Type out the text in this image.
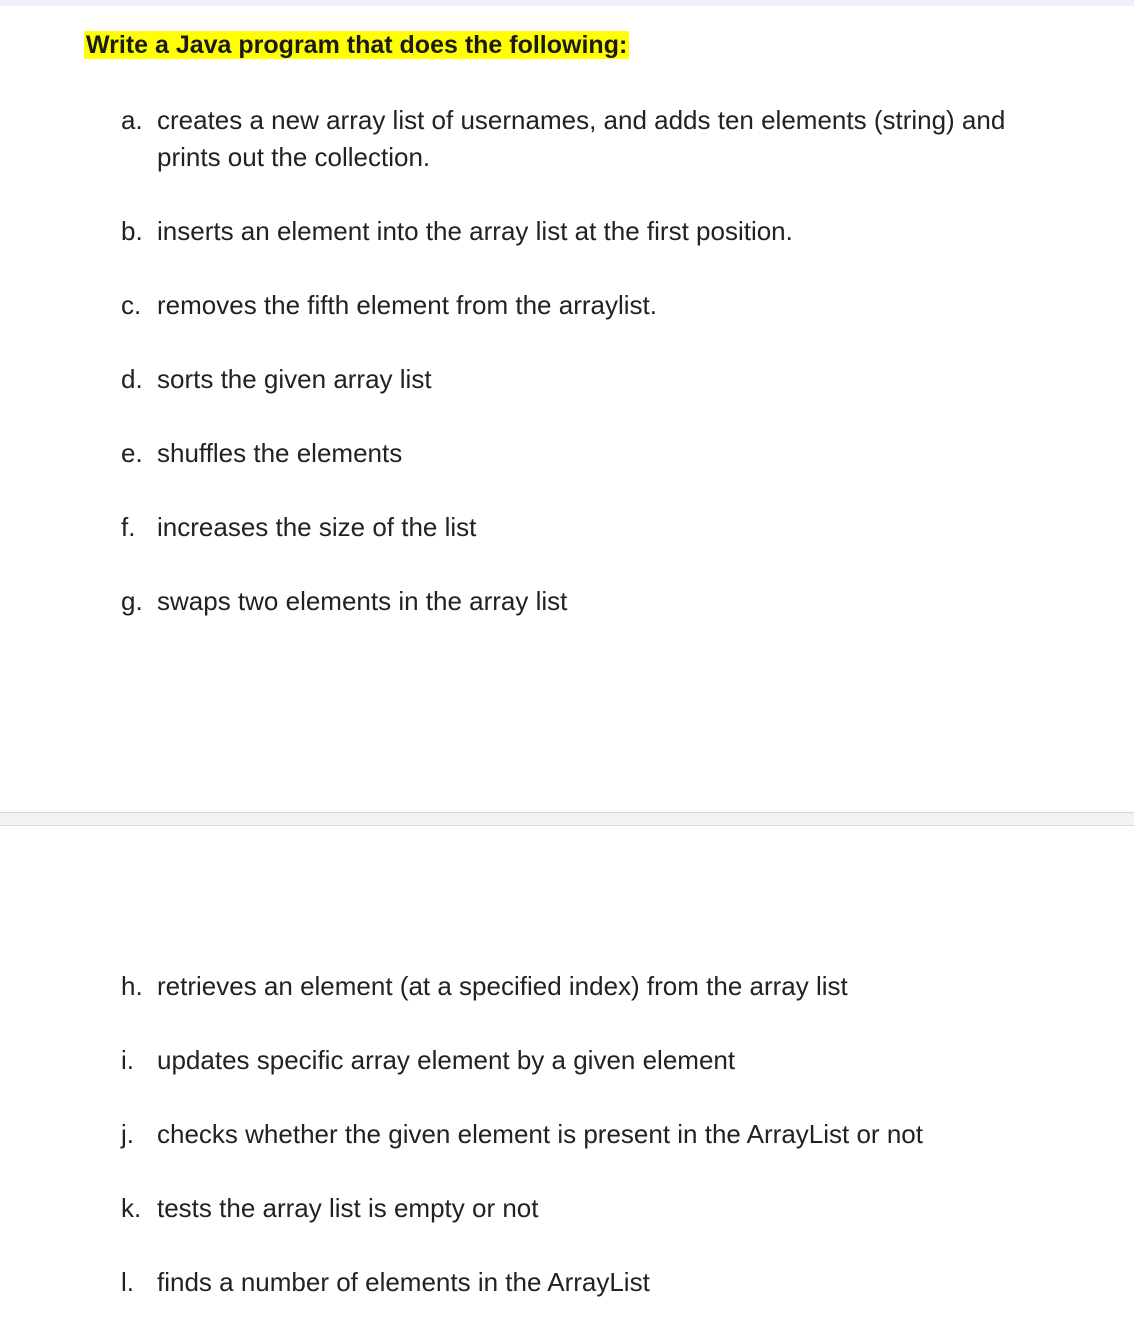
Write a Java program that does the following:
a. creates a new array list of usernames, and adds ten elements (string) and prints out the collection.
b. inserts an element into the array list at the first position.
c. removes the fifth element from the arraylist.
d. sorts the given array list
e. shuffles the elements
f. increases the size of the list
g. swaps two elements in the array list
h. retrieves an element (at a specified index) from the array list
i. updates specific array element by a given element
j. checks whether the given element is present in the ArrayList or not
k. tests the array list is empty or not
l. finds a number of elements in the ArrayList
